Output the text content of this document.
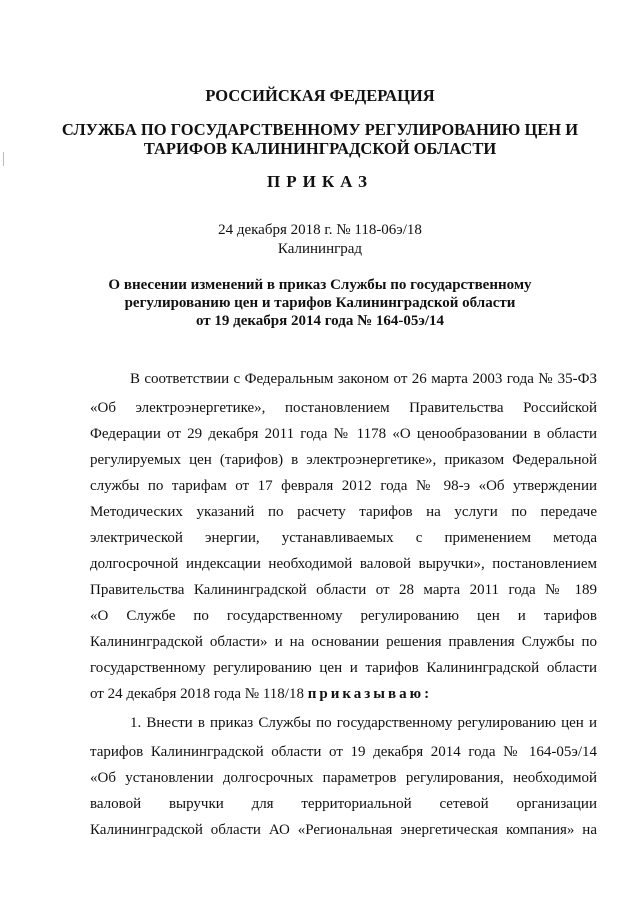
РОССИЙСКАЯ ФЕДЕРАЦИЯ
СЛУЖБА ПО ГОСУДАРСТВЕННОМУ РЕГУЛИРОВАНИЮ ЦЕН И
ТАРИФОВ КАЛИНИНГРАДСКОЙ ОБЛАСТИ
ПРИКАЗ
24 декабря 2018 г. № 118-06э/18
Калининград
О внесении изменений в приказ Службы по государственному
регулированию цен и тарифов Калининградской области
от 19 декабря 2014 года № 164-05э/14
В соответствии с Федеральным законом от 26 марта 2003 года № 35-ФЗ
«Об электроэнергетике», постановлением Правительства Российской
Федерации от 29 декабря 2011 года № 1178 «О ценообразовании в области
регулируемых цен (тарифов) в электроэнергетике», приказом Федеральной
службы по тарифам от 17 февраля 2012 года № 98-э «Об утверждении
Методических указаний по расчету тарифов на услуги по передаче
электрической энергии, устанавливаемых с применением метода
долгосрочной индексации необходимой валовой выручки», постановлением
Правительства Калининградской области от 28 марта 2011 года № 189
«О Службе по государственному регулированию цен и тарифов
Калининградской области» и на основании решения правления Службы по
государственному регулированию цен и тарифов Калининградской области
от 24 декабря 2018 года № 118/18 приказываю:
1. Внести в приказ Службы по государственному регулированию цен и
тарифов Калининградской области от 19 декабря 2014 года № 164-05э/14
«Об установлении долгосрочных параметров регулирования, необходимой
валовой выручки для территориальной сетевой организации
Калининградской области АО «Региональная энергетическая компания» на
